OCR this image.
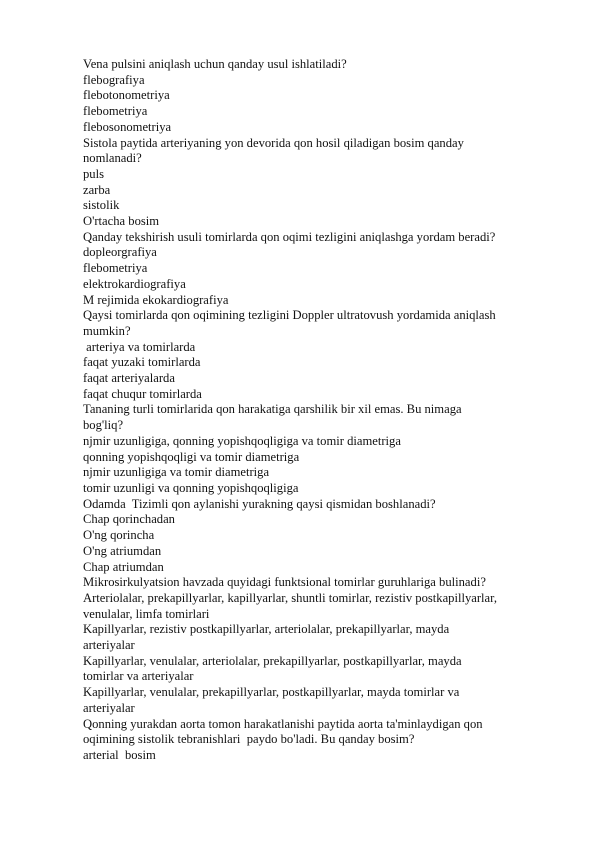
Vena pulsini aniqlash uchun qanday usul ishlatiladi?

flebografiya

flebotonometriya

flebometriya

flebosonometriya

Sistola paytida arteriyaning yon devorida qon hosil qiladigan bosim qanday

nomlanadi?

puls

zarba

sistolik

O'rtacha bosim

Qanday tekshirish usuli tomirlarda qon oqimi tezligini aniqlashga yordam beradi?

dopleorgrafiya

flebometriya

elektrokardiografiya

M rejimida ekokardiografiya

Qaysi tomirlarda qon oqimining tezligini Doppler ultratovush yordamida aniqlash

mumkin?

arteriya va tomirlarda

faqat yuzaki tomirlarda

faqat arteriyalarda

faqat chuqur tomirlarda

Tananing turli tomirlarida qon harakatiga qarshilik bir xil emas. Bu nimaga

bog'liq?

njmir uzunligiga, qonning yopishqoqligiga va tomir diametriga

qonning yopishqoqligi va tomir diametriga

njmir uzunligiga va tomir diametriga

tomir uzunligi va qonning yopishqoqligiga

Odamda  Tizimli qon aylanishi yurakning qaysi qismidan boshlanadi?

Chap qorinchadan

O'ng qorincha

O'ng atriumdan

Chap atriumdan

Mikrosirkulyatsion havzada quyidagi funktsional tomirlar guruhlariga bulinadi?

Arteriolalar, prekapillyarlar, kapillyarlar, shuntli tomirlar, rezistiv postkapillyarlar,

venulalar, limfa tomirlari

Kapillyarlar, rezistiv postkapillyarlar, arteriolalar, prekapillyarlar, mayda

arteriyalar

Kapillyarlar, venulalar, arteriolalar, prekapillyarlar, postkapillyarlar, mayda

tomirlar va arteriyalar

Kapillyarlar, venulalar, prekapillyarlar, postkapillyarlar, mayda tomirlar va

arteriyalar

Qonning yurakdan aorta tomon harakatlanishi paytida aorta ta'minlaydigan qon

oqimining sistolik tebranishlari  paydo bo'ladi. Bu qanday bosim?

arterial  bosim
